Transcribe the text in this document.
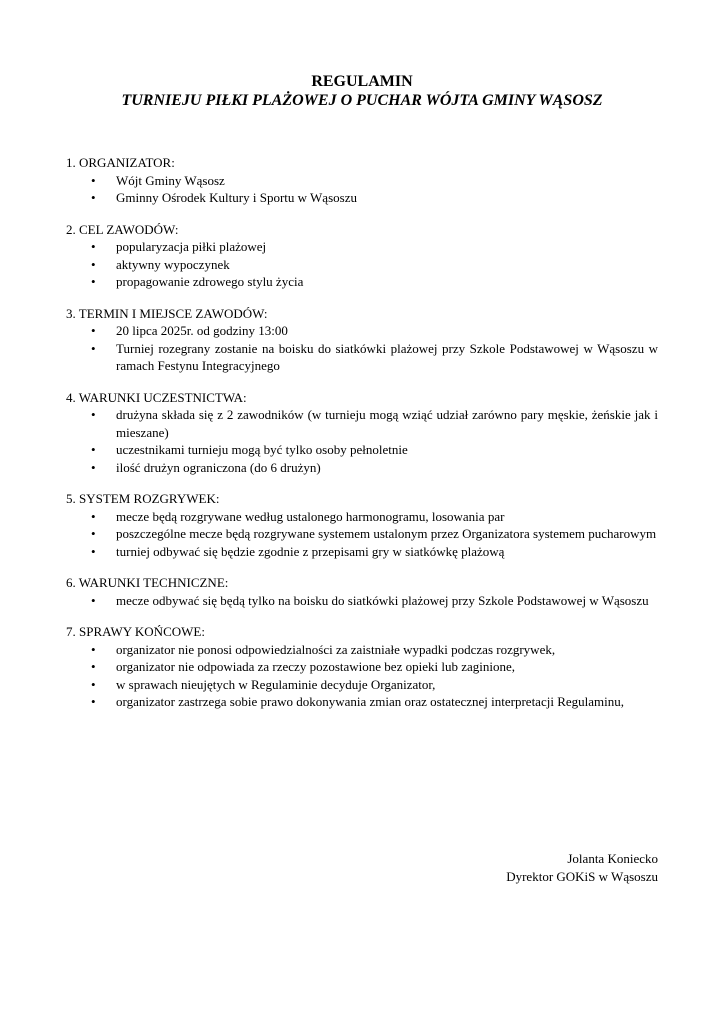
REGULAMIN
TURNIEJU PIŁKI PLAŻOWEJ O PUCHAR WÓJTA GMINY WĄSOSZ

1. ORGANIZATOR:

• Wójt Gminy Wąsosz
• Gminny Ośrodek Kultury i Sportu w Wąsoszu

2. CEL ZAWODÓW:

• popularyzacja piłki plażowej
• aktywny wypoczynek
• propagowanie zdrowego stylu życia

3. TERMIN I MIEJSCE ZAWODÓW:

• 20 lipca 2025r. od godziny 13:00
• Turniej rozegrany zostanie na boisku do siatkówki plażowej przy Szkole Podstawowej w Wąsoszu w ramach Festynu Integracyjnego

4. WARUNKI UCZESTNICTWA:

• drużyna składa się z 2 zawodników (w turnieju mogą wziąć udział zarówno pary męskie, żeńskie jak i mieszane)
• uczestnikami turnieju mogą być tylko osoby pełnoletnie
• ilość drużyn ograniczona (do 6 drużyn)

5. SYSTEM ROZGRYWEK:

• mecze będą rozgrywane według ustalonego harmonogramu, losowania par
• poszczególne mecze będą rozgrywane systemem ustalonym przez Organizatora systemem pucharowym
• turniej odbywać się będzie zgodnie z przepisami gry w siatkówkę plażową

6. WARUNKI TECHNICZNE:

• mecze odbywać się będą tylko na boisku do siatkówki plażowej przy Szkole Podstawowej w Wąsoszu

7. SPRAWY KOŃCOWE:

• organizator nie ponosi odpowiedzialności za zaistniałe wypadki podczas rozgrywek,
• organizator nie odpowiada za rzeczy pozostawione bez opieki lub zaginione,
• w sprawach nieujętych w Regulaminie decyduje Organizator,
• organizator zastrzega sobie prawo dokonywania zmian oraz ostatecznej interpretacji Regulaminu,
Jolanta Koniecko
Dyrektor GOKiS w Wąsoszu
